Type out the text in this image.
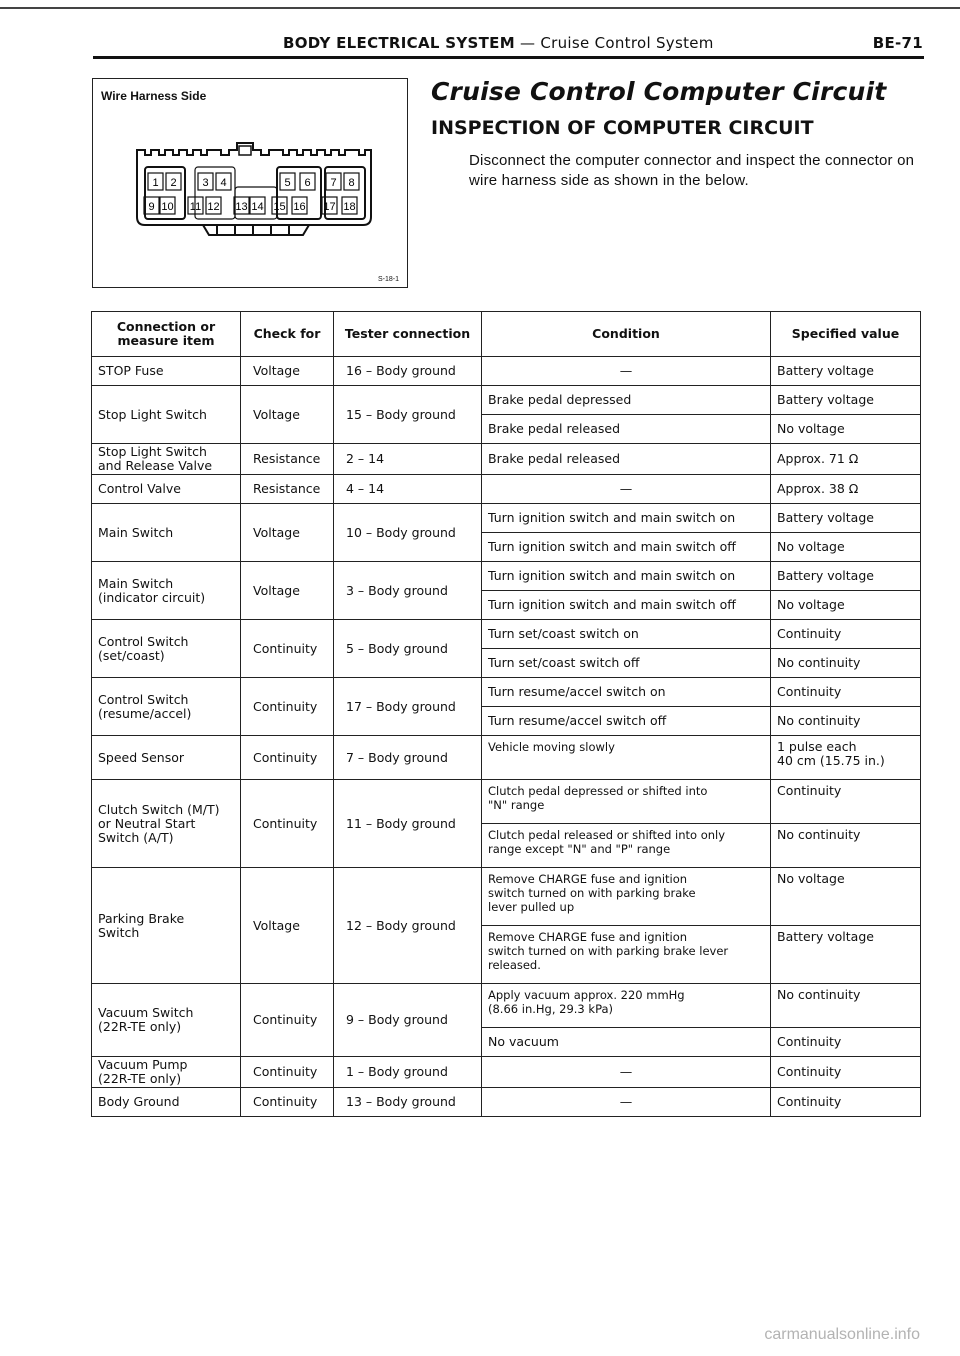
BODY ELECTRICAL SYSTEM — Cruise Control System	BE-71
Wire Harness Side
1 2 3 4	5 6 7 8
9 10 11 12 13 14 15 16 17 18
S-18-1
Cruise Control Computer Circuit
INSPECTION OF COMPUTER CIRCUIT
Disconnect the computer connector and inspect the connector on wire harness side as shown in the below.
Connection or
measure item	Check for	Tester connection	Condition	Specified value

STOP Fuse	Voltage	16 – Body ground	—	Battery voltage

Stop Light Switch	Voltage	15 – Body ground	Brake pedal depressed	Battery voltage

			Brake pedal released	No voltage

Stop Light Switch
and Release Valve	Resistance	2 – 14	Brake pedal released	Approx. 71 Ω

Control Valve	Resistance	4 – 14	—	Approx. 38 Ω

Main Switch	Voltage	10 – Body ground	Turn ignition switch and main switch on	Battery voltage

			Turn ignition switch and main switch off	No voltage

Main Switch
(indicator circuit)	Voltage	3 – Body ground	Turn ignition switch and main switch on	Battery voltage

			Turn ignition switch and main switch off	No voltage

Control Switch
(set/coast)	Continuity	5 – Body ground	Turn set/coast switch on	Continuity

			Turn set/coast switch off	No continuity

Control Switch
(resume/accel)	Continuity	17 – Body ground	Turn resume/accel switch on	Continuity

			Turn resume/accel switch off	No continuity

Speed Sensor	Continuity	7 – Body ground	Vehicle moving slowly	1 pulse each
40 cm (15.75 in.)

Clutch Switch (M/T)
or Neutral Start
Switch (A/T)	Continuity	11 – Body ground	Clutch pedal depressed or shifted into
"N" range	Continuity

			Clutch pedal released or shifted into only
range except "N" and "P" range	No continuity

Parking Brake
Switch	Voltage	12 – Body ground	Remove CHARGE fuse and ignition
switch turned on with parking brake
lever pulled up	No voltage

			Remove CHARGE fuse and ignition
switch turned on with parking brake lever
released.	Battery voltage

Vacuum Switch
(22R-TE only)	Continuity	9 – Body ground	Apply vacuum approx. 220 mmHg
(8.66 in.Hg, 29.3 kPa)	No continuity

			No vacuum	Continuity

Vacuum Pump
(22R-TE only)	Continuity	1 – Body ground	—	Continuity

Body Ground	Continuity	13 – Body ground	—	Continuity
carmanualsonline.info
